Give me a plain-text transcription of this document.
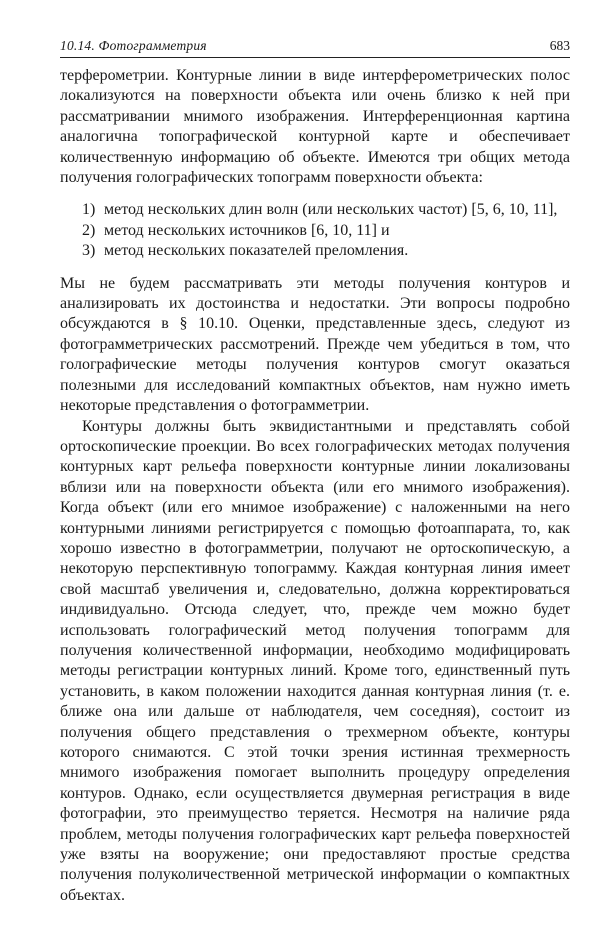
10.14. Фотограмметрия	683

терферометрии. Контурные линии в виде интерферометрических полос локализуются на поверхности объекта или очень близко к ней при рассматривании мнимого изображения. Интерференционная картина аналогична топографической контурной карте и обеспечивает количественную информацию об объекте. Имеются три общих метода получения голографических топограмм поверхности объекта:

1) метод нескольких длин волн (или нескольких частот) [5, 6, 10, 11],
2) метод нескольких источников [6, 10, 11] и
3) метод нескольких показателей преломления.

Мы не будем рассматривать эти методы получения контуров и анализировать их достоинства и недостатки. Эти вопросы подробно обсуждаются в § 10.10. Оценки, представленные здесь, следуют из фотограмметрических рассмотрений. Прежде чем убедиться в том, что голографические методы получения контуров смогут оказаться полезными для исследований компактных объектов, нам нужно иметь некоторые представления о фотограмметрии.

Контуры должны быть эквидистантными и представлять собой ортоскопические проекции. Во всех голографических методах получения контурных карт рельефа поверхности контурные линии локализованы вблизи или на поверхности объекта (или его мнимого изображения). Когда объект (или его мнимое изображение) с наложенными на него контурными линиями регистрируется с помощью фотоаппарата, то, как хорошо известно в фотограмметрии, получают не ортоскопическую, а некоторую перспективную топограмму. Каждая контурная линия имеет свой масштаб увеличения и, следовательно, должна корректироваться индивидуально. Отсюда следует, что, прежде чем можно будет использовать голографический метод получения топограмм для получения количественной информации, необходимо модифицировать методы регистрации контурных линий. Кроме того, единственный путь установить, в каком положении находится данная контурная линия (т. е. ближе она или дальше от наблюдателя, чем соседняя), состоит из получения общего представления о трехмерном объекте, контуры которого снимаются. С этой точки зрения истинная трехмерность мнимого изображения помогает выполнить процедуру определения контуров. Однако, если осуществляется двумерная регистрация в виде фотографии, это преимущество теряется. Несмотря на наличие ряда проблем, методы получения голографических карт рельефа поверхностей уже взяты на вооружение; они предоставляют простые средства получения полуколичественной метрической информации о компактных объектах.
